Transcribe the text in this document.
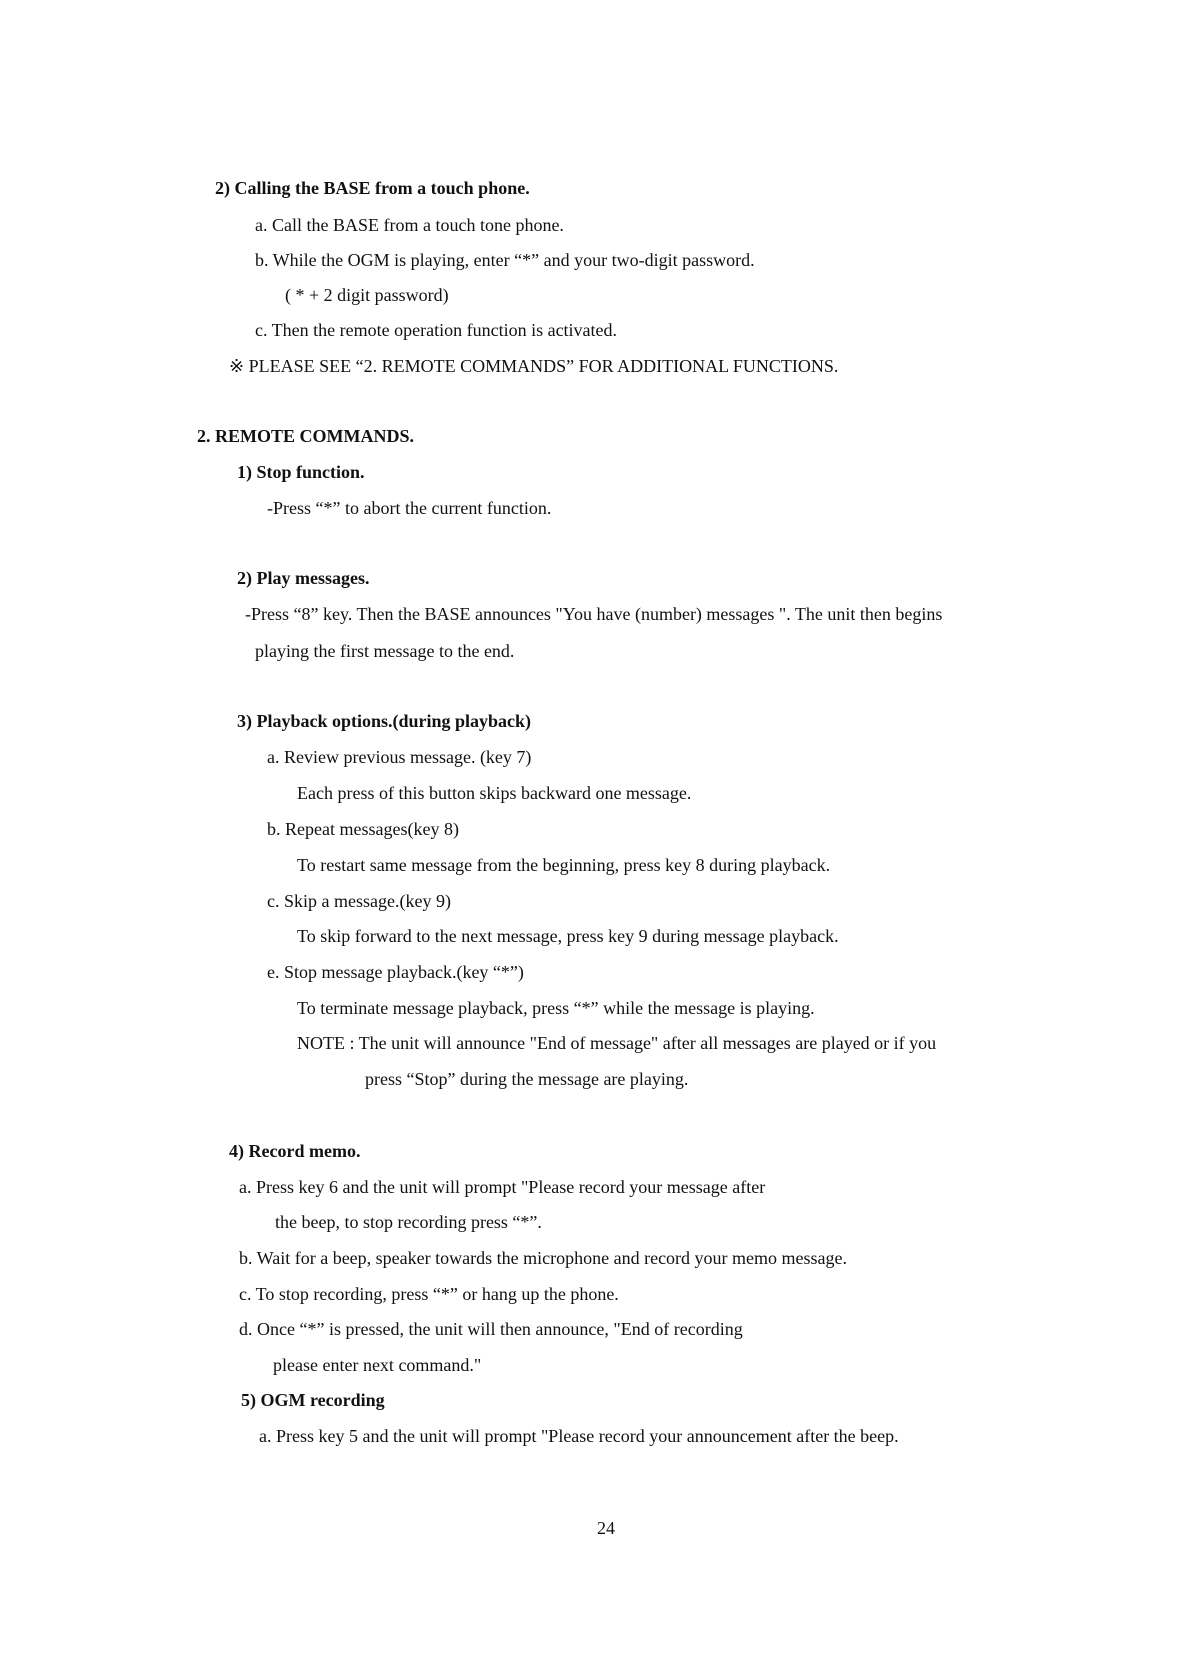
2) Calling the BASE from a touch phone.
a. Call the BASE from a touch tone phone.
b. While the OGM is playing, enter “*” and your two-digit password.
( * + 2 digit password)
c. Then the remote operation function is activated.
※ PLEASE SEE “2. REMOTE COMMANDS” FOR ADDITIONAL FUNCTIONS.
2. REMOTE COMMANDS.
1) Stop function.
-Press “*” to abort the current function.
2) Play messages.
-Press “8” key. Then the BASE announces "You have (number) messages ". The unit then begins
playing the first message to the end.
3) Playback options.(during playback)
a. Review previous message. (key 7)
Each press of this button skips backward one message.
b. Repeat messages(key 8)
To restart same message from the beginning, press key 8 during playback.
c. Skip a message.(key 9)
To skip forward to the next message, press key 9 during message playback.
e. Stop message playback.(key “*”)
To terminate message playback, press “*” while the message is playing.
NOTE : The unit will announce "End of message" after all messages are played or if you
press “Stop” during the message are playing.
4) Record memo.
a. Press key 6 and the unit will prompt "Please record your message after
the beep, to stop recording press “*”.
b. Wait for a beep, speaker towards the microphone and record your memo message.
c. To stop recording, press “*” or hang up the phone.
d. Once “*” is pressed, the unit will then announce, "End of recording
please enter next command."
5) OGM recording
a. Press key 5 and the unit will prompt "Please record your announcement after the beep.
24
